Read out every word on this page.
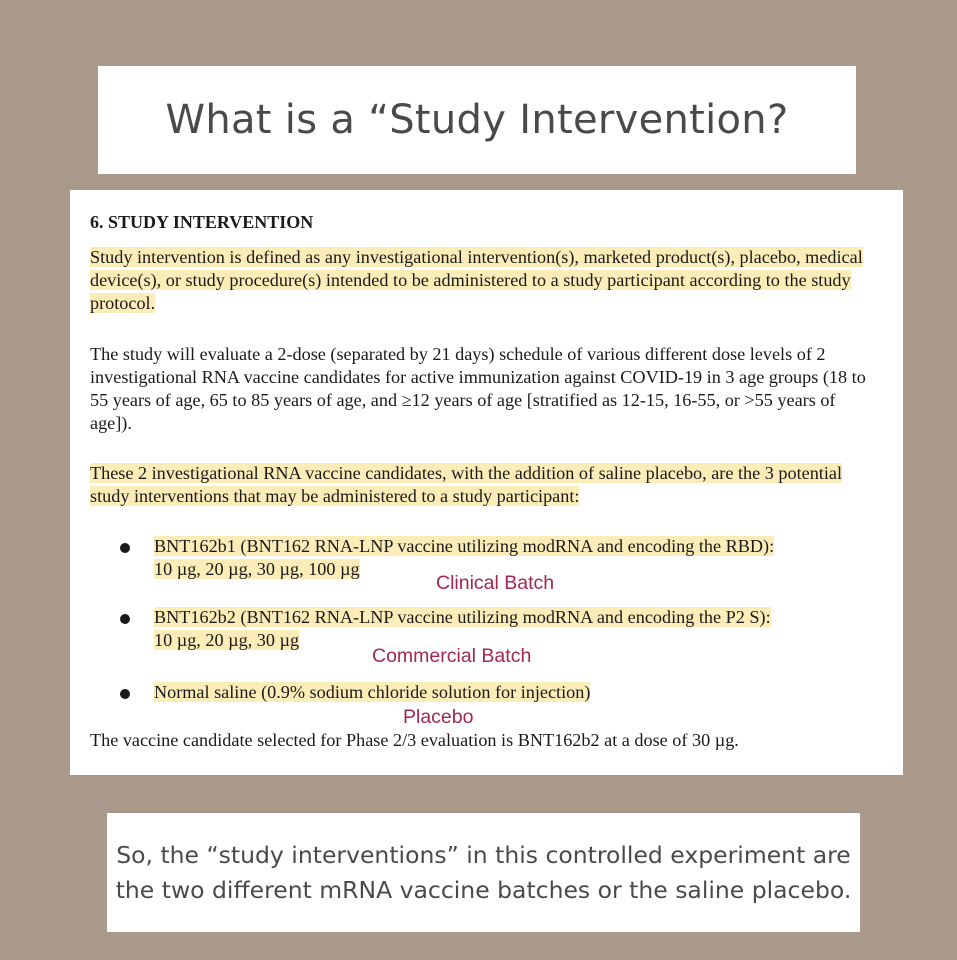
What is a “Study Intervention?
6. STUDY INTERVENTION
Study intervention is defined as any investigational intervention(s), marketed product(s), placebo, medical device(s), or study procedure(s) intended to be administered to a study participant according to the study protocol.
The study will evaluate a 2-dose (separated by 21 days) schedule of various different dose levels of 2 investigational RNA vaccine candidates for active immunization against COVID-19 in 3 age groups (18 to 55 years of age, 65 to 85 years of age, and ≥12 years of age [stratified as 12-15, 16-55, or >55 years of age]).
These 2 investigational RNA vaccine candidates, with the addition of saline placebo, are the 3 potential study interventions that may be administered to a study participant:
BNT162b1 (BNT162 RNA-LNP vaccine utilizing modRNA and encoding the RBD):
10 µg, 20 µg, 30 µg, 100 µg
Clinical Batch
BNT162b2 (BNT162 RNA-LNP vaccine utilizing modRNA and encoding the P2 S):
10 µg, 20 µg, 30 µg
Commercial Batch
Normal saline (0.9% sodium chloride solution for injection)
Placebo
The vaccine candidate selected for Phase 2/3 evaluation is BNT162b2 at a dose of 30 µg.

So, the “study interventions” in this controlled experiment are
the two different mRNA vaccine batches or the saline placebo.
